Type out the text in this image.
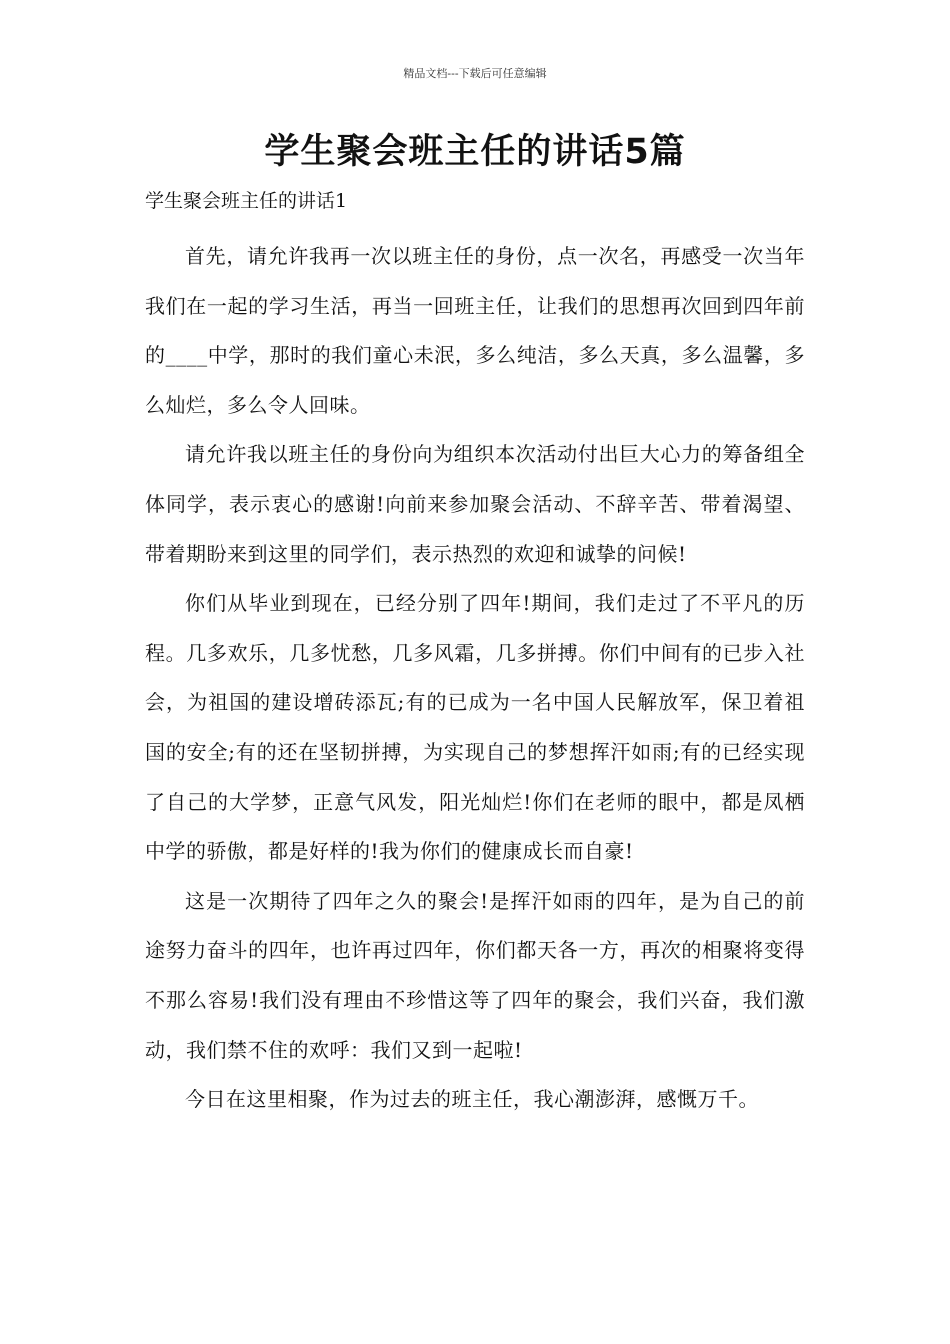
精品文档---下载后可任意编辑
学生聚会班主任的讲话5篇
学生聚会班主任的讲话1

首先，请允许我再一次以班主任的身份，点一次名，再感受一次当年我们在一起的学习生活，再当一回班主任，让我们的思想再次回到四年前的____中学，那时的我们童心未泯，多么纯洁，多么天真，多么温馨，多么灿烂，多么令人回味。

请允许我以班主任的身份向为组织本次活动付出巨大心力的筹备组全体同学，表示衷心的感谢!向前来参加聚会活动、不辞辛苦、带着渴望、带着期盼来到这里的同学们，表示热烈的欢迎和诚挚的问候!

你们从毕业到现在，已经分别了四年!期间，我们走过了不平凡的历程。几多欢乐，几多忧愁，几多风霜，几多拼搏。你们中间有的已步入社会，为祖国的建设增砖添瓦;有的已成为一名中国人民解放军，保卫着祖国的安全;有的还在坚韧拼搏，为实现自己的梦想挥汗如雨;有的已经实现了自己的大学梦，正意气风发，阳光灿烂!你们在老师的眼中，都是凤栖中学的骄傲，都是好样的!我为你们的健康成长而自豪!

这是一次期待了四年之久的聚会!是挥汗如雨的四年，是为自己的前途努力奋斗的四年，也许再过四年，你们都天各一方，再次的相聚将变得不那么容易!我们没有理由不珍惜这等了四年的聚会，我们兴奋，我们激动，我们禁不住的欢呼：我们又到一起啦!

今日在这里相聚，作为过去的班主任，我心潮澎湃，感慨万千。
